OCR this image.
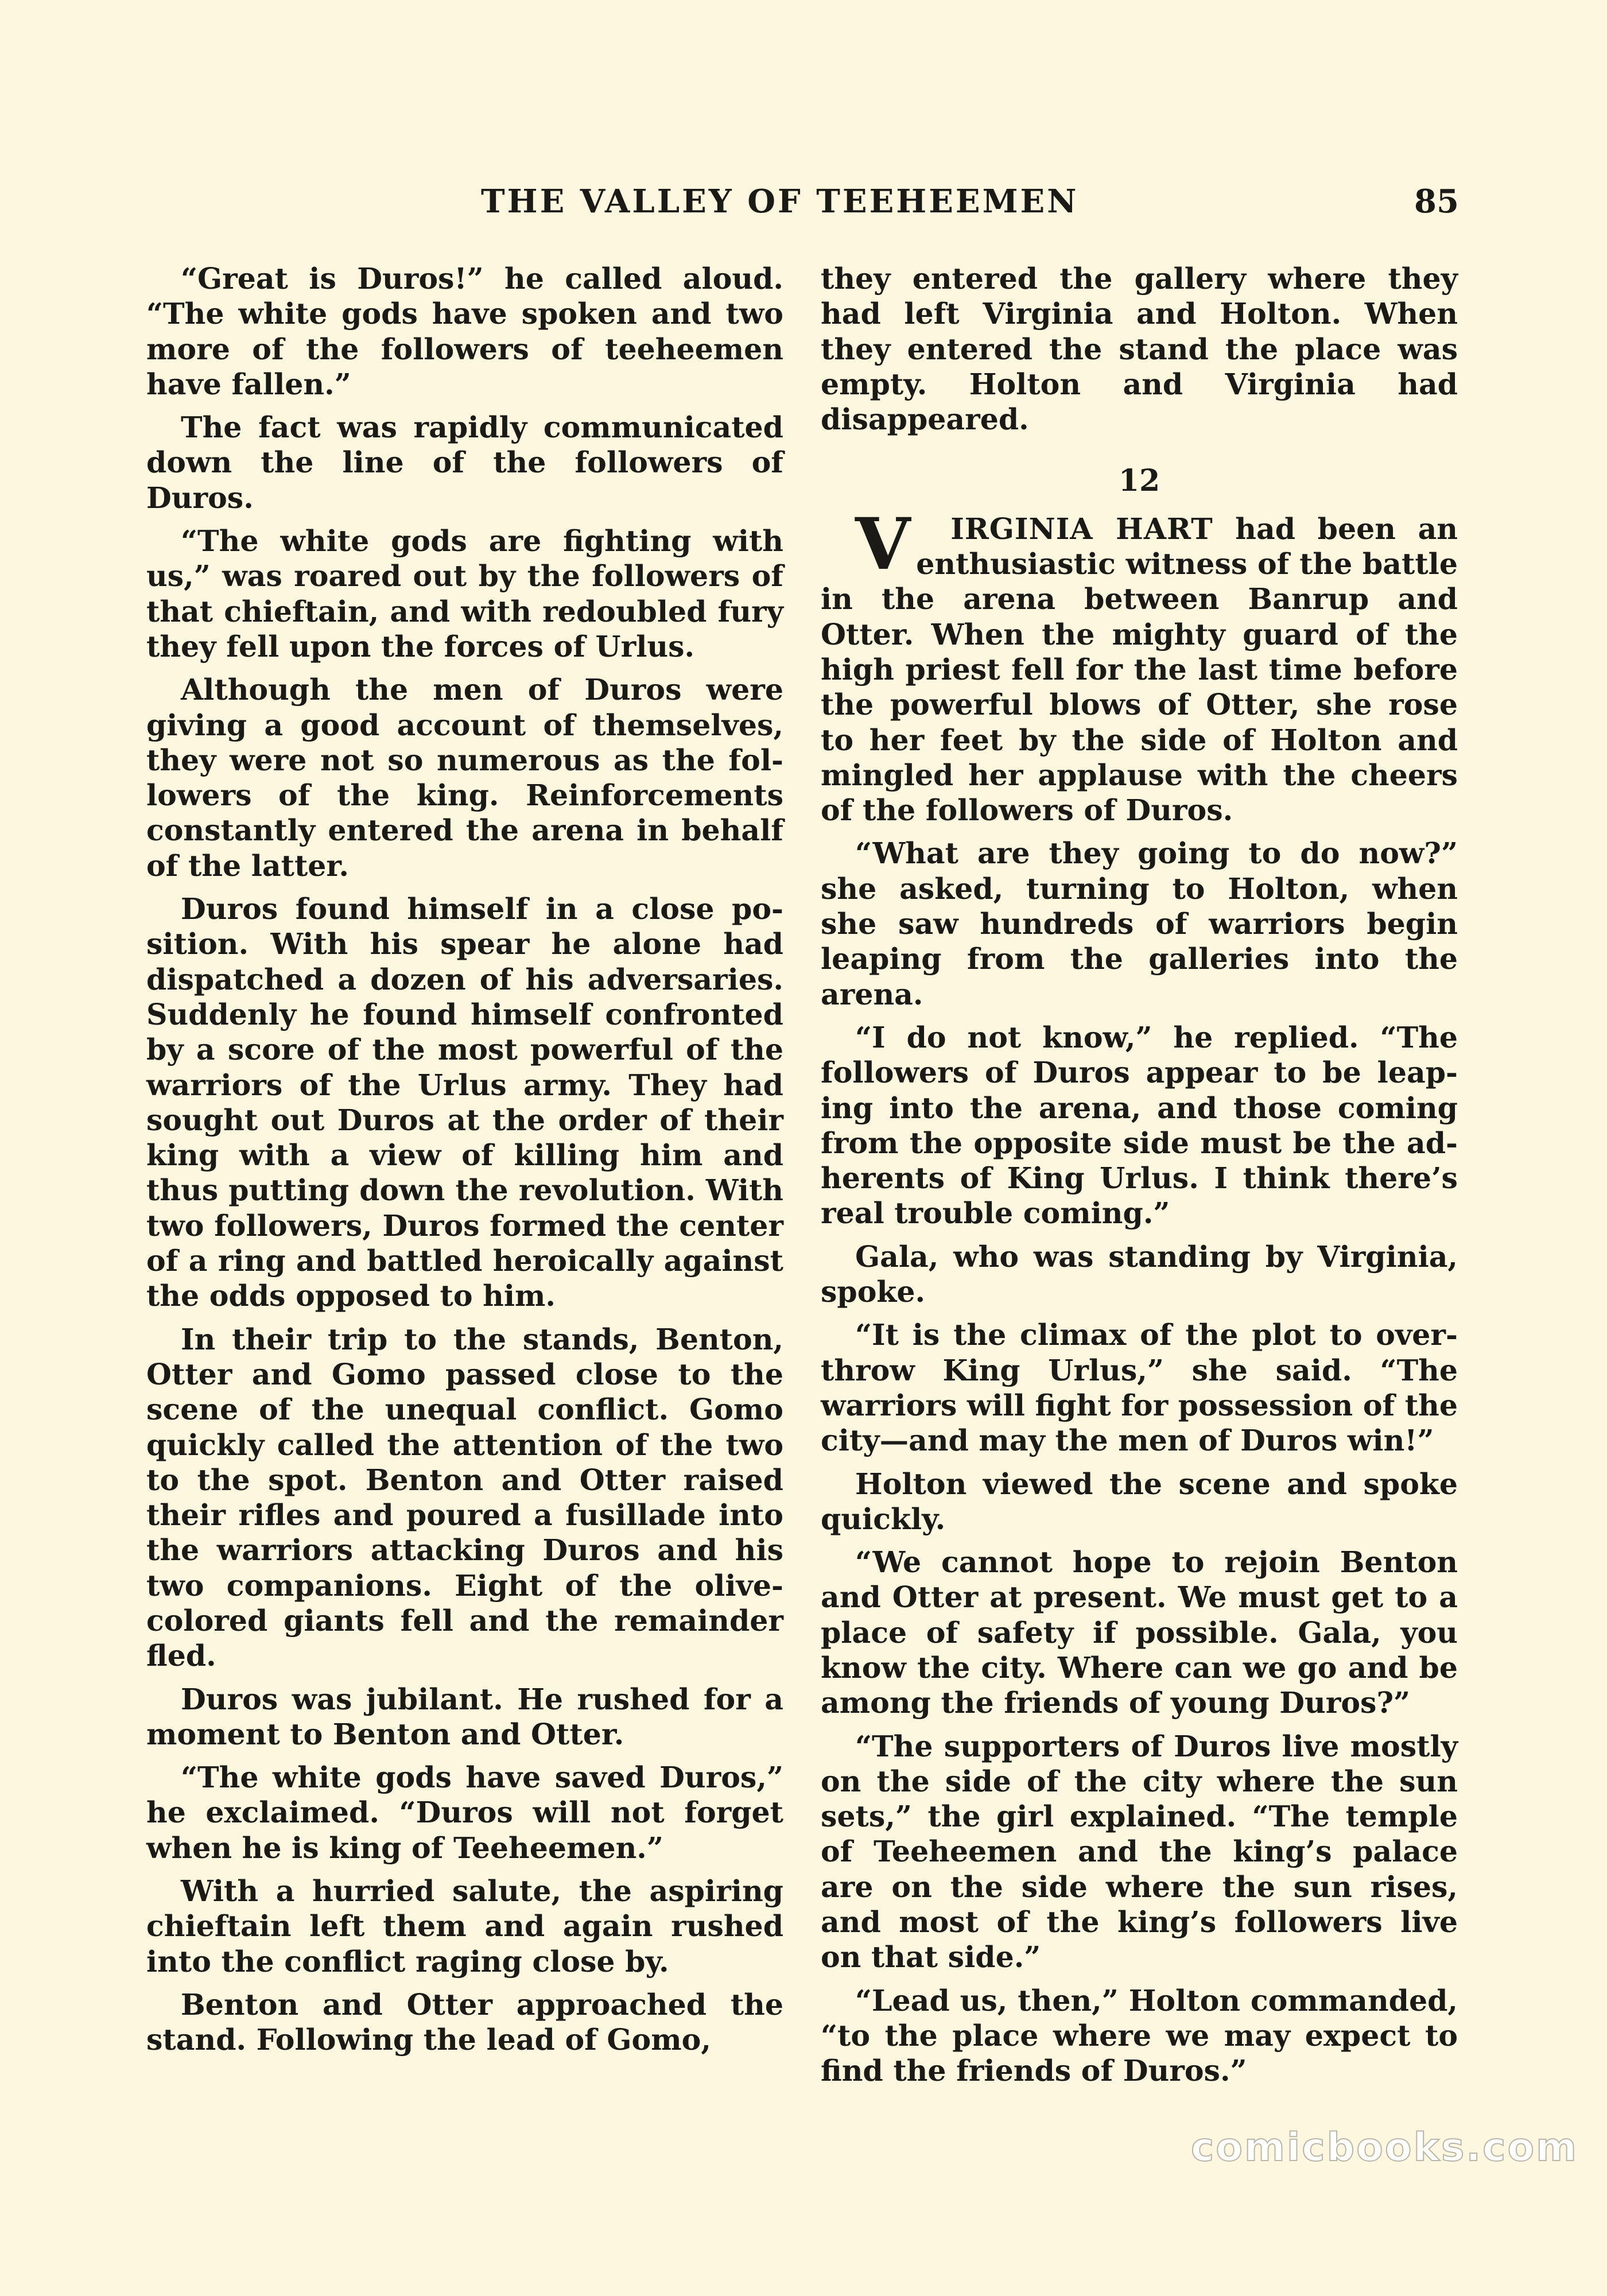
THE VALLEY OF TEEHEEMEN	85

“Great is Duros!” he called aloud. “The white gods have spoken and two more of the followers of teeheemen have fallen.”

The fact was rapidly communicated down the line of the followers of Duros.

“The white gods are fighting with us,” was roared out by the followers of that chieftain, and with redoubled fury they fell upon the forces of Urlus.

Although the men of Duros were giving a good account of themselves, they were not so numerous as the followers of the king. Reinforcements constantly entered the arena in behalf of the latter.

Duros found himself in a close position. With his spear he alone had dispatched a dozen of his adversaries. Suddenly he found himself confronted by a score of the most powerful of the warriors of the Urlus army. They had sought out Duros at the order of their king with a view of killing him and thus putting down the revolution. With two followers, Duros formed the center of a ring and battled heroically against the odds opposed to him.

In their trip to the stands, Benton, Otter and Gomo passed close to the scene of the unequal conflict. Gomo quickly called the attention of the two to the spot. Benton and Otter raised their rifles and poured a fusillade into the warriors attacking Duros and his two companions. Eight of the olive-colored giants fell and the remainder fled.

Duros was jubilant. He rushed for a moment to Benton and Otter.

“The white gods have saved Duros,” he exclaimed. “Duros will not forget when he is king of Teeheemen.”

With a hurried salute, the aspiring chieftain left them and again rushed into the conflict raging close by.

Benton and Otter approached the stand. Following the lead of Gomo,

they entered the gallery where they had left Virginia and Holton. When they entered the stand the place was empty. Holton and Virginia had disappeared.

12

V IRGINIA HART had been an enthusiastic witness of the battle in the arena between Banrup and Otter. When the mighty guard of the high priest fell for the last time before the powerful blows of Otter, she rose to her feet by the side of Holton and mingled her applause with the cheers of the followers of Duros.

“What are they going to do now?” she asked, turning to Holton, when she saw hundreds of warriors begin leaping from the galleries into the arena.

“I do not know,” he replied. “The followers of Duros appear to be leaping into the arena, and those coming from the opposite side must be the adherents of King Urlus. I think there’s real trouble coming.”

Gala, who was standing by Virginia, spoke.

“It is the climax of the plot to overthrow King Urlus,” she said. “The warriors will fight for possession of the city—and may the men of Duros win!”

Holton viewed the scene and spoke quickly.

“We cannot hope to rejoin Benton and Otter at present. We must get to a place of safety if possible. Gala, you know the city. Where can we go and be among the friends of young Duros?”

“The supporters of Duros live mostly on the side of the city where the sun sets,” the girl explained. “The temple of Teeheemen and the king’s palace are on the side where the sun rises, and most of the king’s followers live on that side.”

“Lead us, then,” Holton commanded, “to the place where we may expect to find the friends of Duros.”

comicbooks.com
